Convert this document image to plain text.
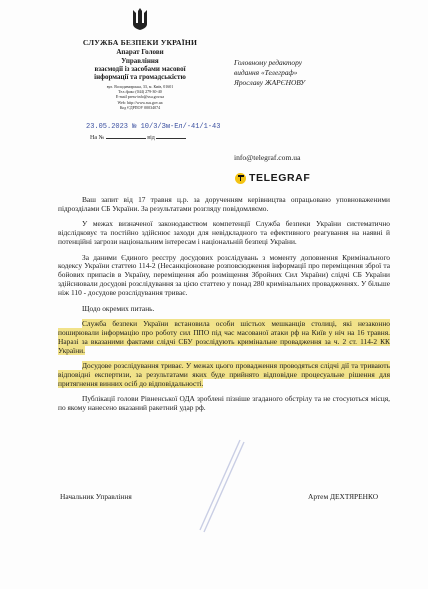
СЛУЖБА БЕЗПЕКИ УКРАЇНИ
Апарат Голови
Управління
взаємодії із засобами масової
інформації та громадськістю
вул. Володимирська, 33, м. Київ, 01601
Тел./факс (044) 279-30-40
E-mail press-info@ssu.gov.ua
Web: http://www.ssu.gov.ua
Код ЄДРПОУ 00034074
23.05.2023 № 10/3/Зм-Ел/-41/1-43
На №	від
Головному редактору
видання «Телеграф»
Ярославу ЖАРЄНОВУ
info@telegraf.com.ua
TELEGRAF

Ваш запит від 17 травня ц.р. за дорученням керівництва опрацьовано уповноваженими підрозділами СБ України. За результатами розгляду повідомляємо.

У межах визначеної законодавством компетенції Служба безпеки України систематично відслідковує та постійно здійснює заходи для невідкладного та ефективного реагування на наявні й потенційні загрози національним інтересам і національній безпеці України.

За даними Єдиного реєстру досудових розслідувань з моменту доповнення Кримінального кодексу України статтею 114-2 (Несанкціоноване розповсюдження інформації про переміщення зброї та бойових припасів в Україну, переміщення або розміщення Збройних Сил України) слідчі СБ України здійснювали досудові розслідування за цією статтею у понад 280 кримінальних провадженнях. У більше ніж 110 - досудове розслідування триває.

Щодо окремих питань.

Служба безпеки України встановила особи шістьох мешканців столиці, які незаконно поширювали інформацію про роботу сил ППО під час масованої атаки рф на Київ у ніч на 16 травня. Наразі за вказаними фактами слідчі СБУ розслідують кримінальне провадження за ч. 2 ст. 114-2 КК України.

Досудове розслідування триває. У межах цього провадження проводяться слідчі дії та тривають відповідні експертизи, за результатами яких буде прийнято відповідне процесуальне рішення для притягнення винних осіб до відповідальності.

Публікації голови Рівненської ОДА зроблені пізніше згаданого обстрілу та не стосуються місця, по якому нанесено вказаний ракетний удар рф.

Начальник Управління	Артем ДЕХТЯРЕНКО
